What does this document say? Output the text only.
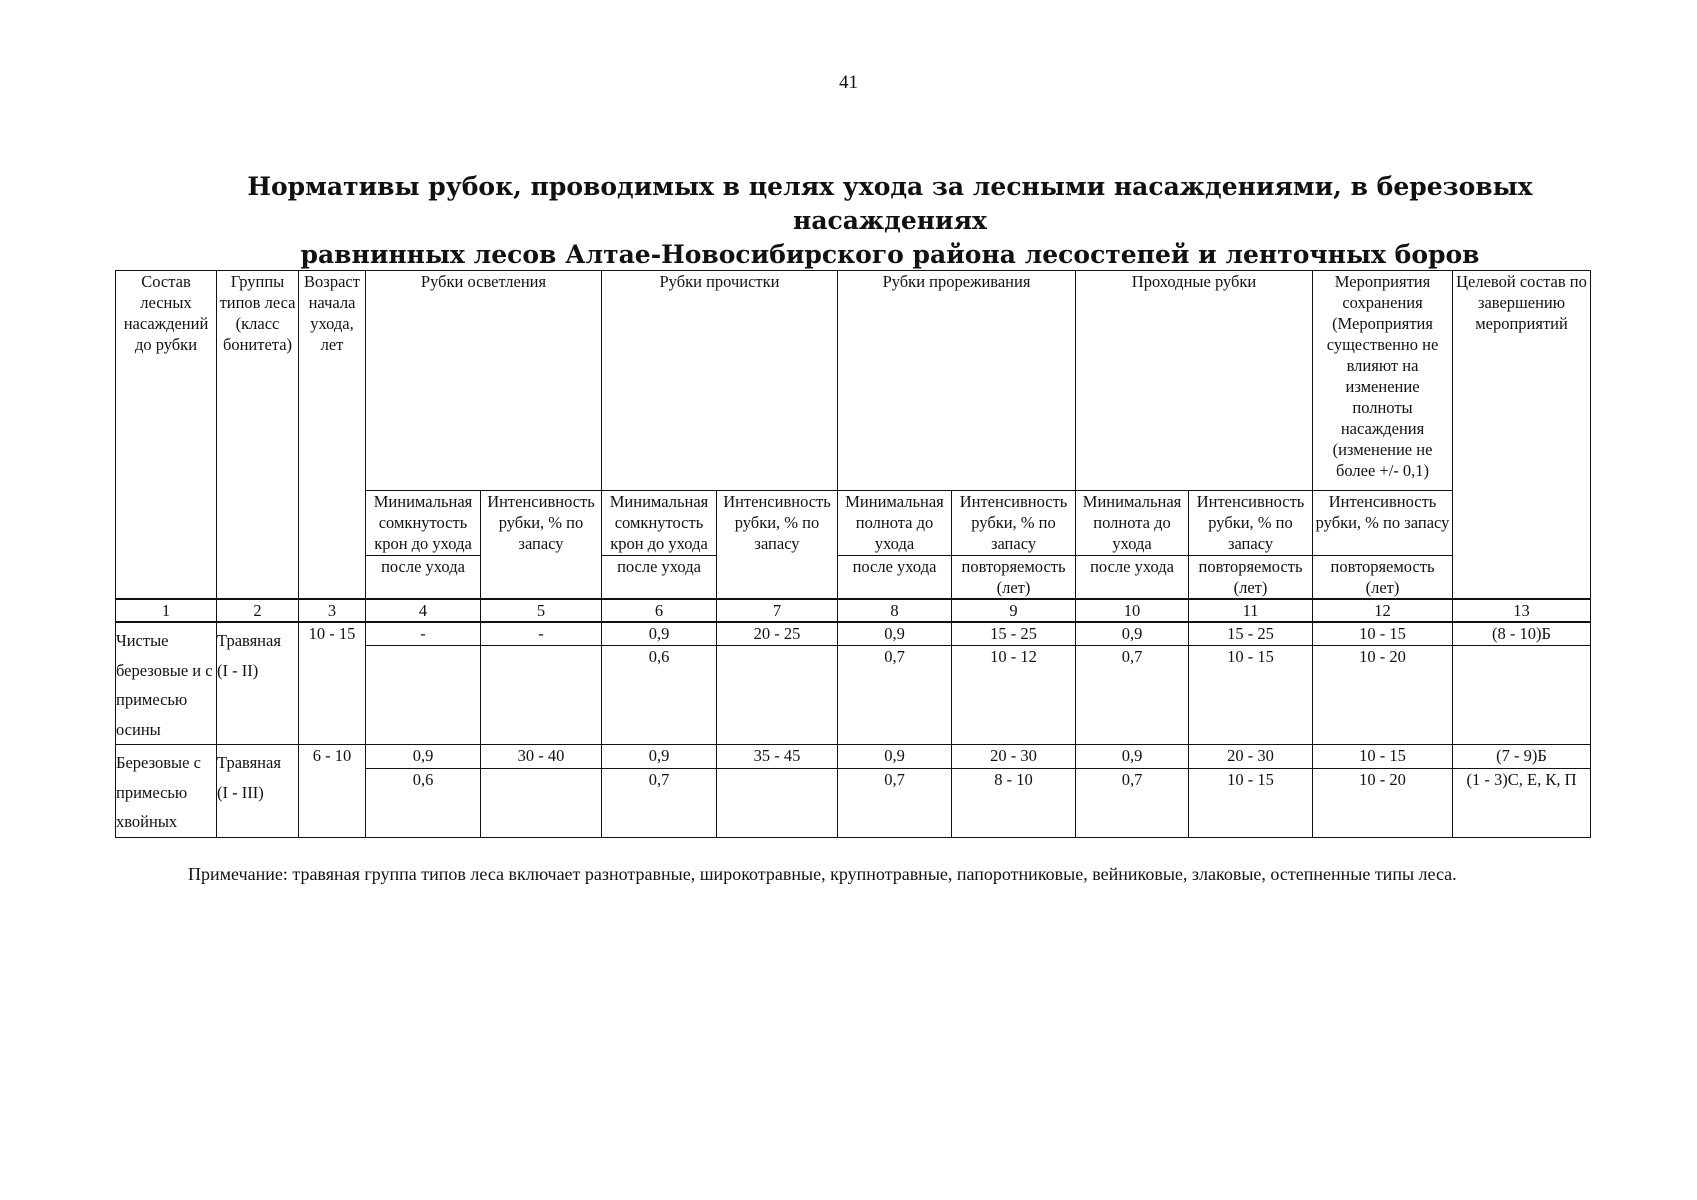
41
Нормативы рубок, проводимых в целях ухода за лесными насаждениями, в березовых насаждениях
равнинных лесов Алтае-Новосибирского района лесостепей и ленточных боров
Состав лесных насаждений до рубки	Группы типов леса (класс бонитета)	Возраст начала ухода, лет	Рубки осветления		Рубки прочистки		Рубки прореживания		Проходные рубки		Мероприятия сохранения (Мероприятия существенно не влияют на изменение полноты насаждения (изменение не более +/- 0,1)	Целевой состав по завершению мероприятий
			Минимальная сомкнутость крон до ухода	Интенсивность рубки, % по запасу	Минимальная сомкнутость крон до ухода	Интенсивность рубки, % по запасу	Минимальная полнота до ухода	Интенсивность рубки, % по запасу	Минимальная полнота до ухода	Интенсивность рубки, % по запасу	Интенсивность рубки, % по запасу	
			после ухода		после ухода		после ухода	повторяемость (лет)	после ухода	повторяемость (лет)	повторяемость (лет)	
1	2	3	4	5	6	7	8	9	10	11	12	13
Чистые березовые и с примесью осины	Травяная (I - II)	10 - 15	-	-	0,9	20 - 25	0,9	15 - 25	0,9	15 - 25	10 - 15	(8 - 10)Б
					0,6		0,7	10 - 12	0,7	10 - 15	10 - 20	
Березовые с примесью хвойных	Травяная (I - III)	6 - 10	0,9	30 - 40	0,9	35 - 45	0,9	20 - 30	0,9	20 - 30	10 - 15	(7 - 9)Б
			0,6		0,7		0,7	8 - 10	0,7	10 - 15	10 - 20	(1 - 3)С, Е, К, П
Примечание: травяная группа типов леса включает разнотравные, широкотравные, крупнотравные, папоротниковые, вейниковые, злаковые, остепненные типы леса.
